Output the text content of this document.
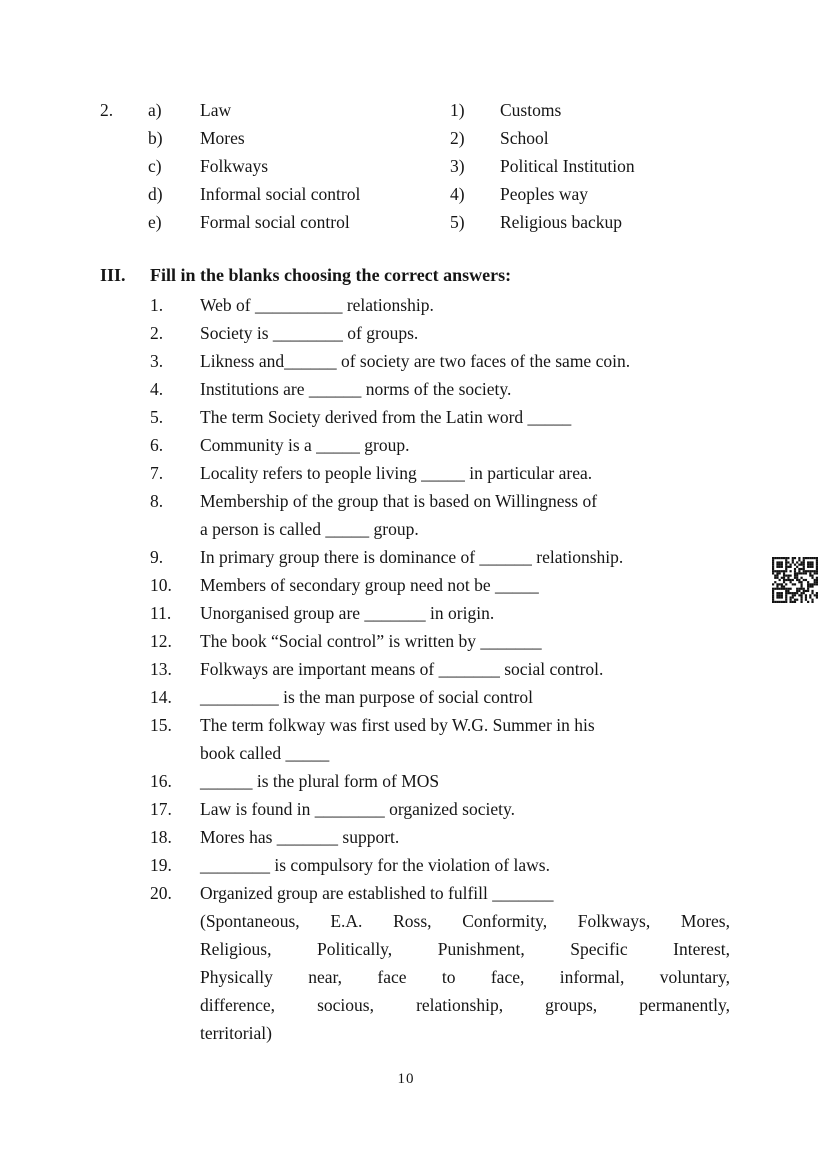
2.	a)	Law	1)	Customs
b)	Mores	2)	School
c)	Folkways	3)	Political Institution
d)	Informal social control	4)	Peoples way
e)	Formal social control	5)	Religious backup
III.	Fill in the blanks choosing the correct answers:
1.	Web of __________ relationship.
2.	Society is ________ of groups.
3.	Likness and______ of society are two faces of the same coin.
4.	Institutions are ______ norms of the society.
5.	The term Society derived from the Latin word _____
6.	Community is a _____ group.
7.	Locality refers to people living _____ in particular area.
8.	Membership of the group that is based on Willingness of
a person is called _____ group.
9.	In primary group there is dominance of ______ relationship.
10.	Members of secondary group need not be _____
11.	Unorganised group are _______ in origin.
12.	The book “Social control” is written by _______
13.	Folkways are important means of _______ social control.
14.	_________ is the man purpose of social control
15.	The term folkway was first used by W.G. Summer in his
book called _____
16.	______ is the plural form of MOS
17.	Law is found in ________ organized society.
18.	Mores has _______ support.
19.	________ is compulsory for the violation of laws.
20.	Organized group are established to fulfill _______
(Spontaneous, E.A. Ross, Conformity, Folkways, Mores,
Religious, Politically, Punishment, Specific Interest,
Physically near, face to face, informal, voluntary,
difference, socious, relationship, groups, permanently,
territorial)
10
